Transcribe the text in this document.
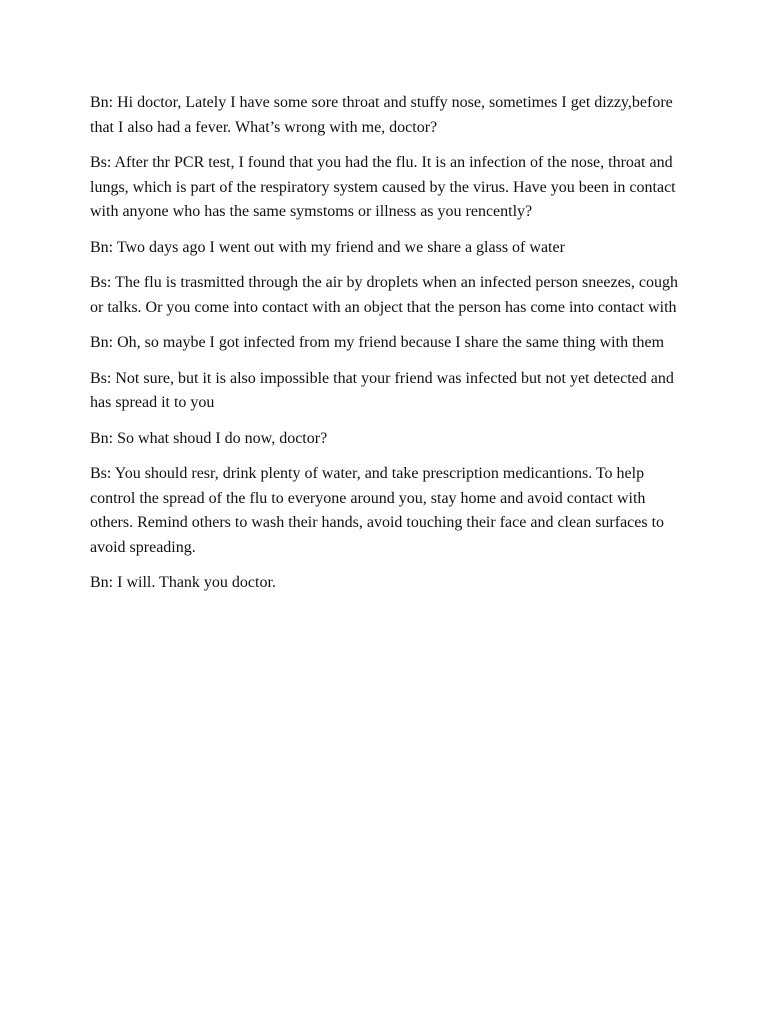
Bn: Hi doctor, Lately I have some sore throat and stuffy nose, sometimes I get dizzy,before that I also had a fever. What’s wrong with me, doctor?

Bs: After thr PCR test, I found that you had the flu. It is an infection of the nose, throat and lungs, which is part of the respiratory system caused by the virus. Have you been in contact with anyone who has the same symstoms or illness as you rencently?

Bn: Two days ago I went out with my friend and we share a glass of water

Bs: The flu is trasmitted through the air by droplets when an infected person sneezes, cough or talks. Or you come into contact with an object that the person has come into contact with

Bn: Oh, so maybe I got infected from my friend because I share the same thing with them

Bs: Not sure, but it is also impossible that your friend was infected but not yet detected and has spread it to you

Bn: So what shoud I do now, doctor?

Bs: You should resr, drink plenty of water, and take prescription medicantions. To help control the spread of the flu to everyone around you, stay home and avoid contact with others. Remind others to wash their hands, avoid touching their face and clean surfaces to avoid spreading.

Bn: I will. Thank you doctor.
